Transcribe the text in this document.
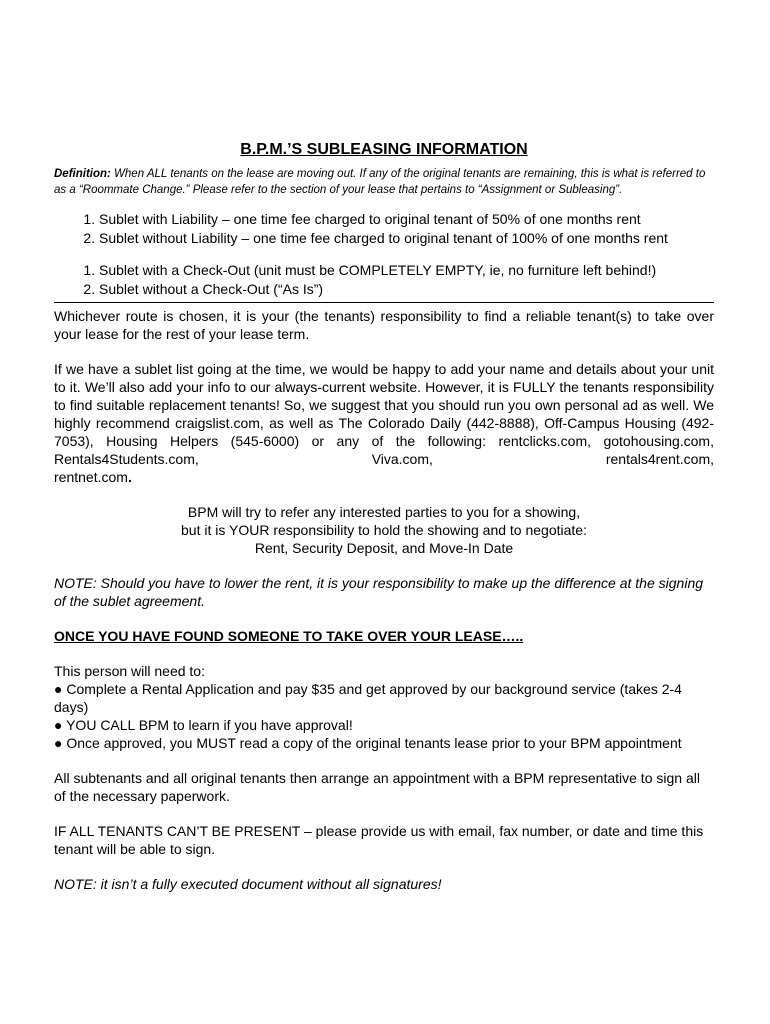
B.P.M.’S SUBLEASING INFORMATION

Definition: When ALL tenants on the lease are moving out. If any of the original tenants are remaining, this is what is referred to as a “Roommate Change.” Please refer to the section of your lease that pertains to “Assignment or Subleasing”.

1. Sublet with Liability – one time fee charged to original tenant of 50% of one months rent
2. Sublet without Liability – one time fee charged to original tenant of 100% of one months rent
1. Sublet with a Check-Out (unit must be COMPLETELY EMPTY, ie, no furniture left behind!)
2. Sublet without a Check-Out (“As Is”)

Whichever route is chosen, it is your (the tenants) responsibility to find a reliable tenant(s) to take over your lease for the rest of your lease term.

If we have a sublet list going at the time, we would be happy to add your name and details about your unit to it. We’ll also add your info to our always-current website. However, it is FULLY the tenants responsibility to find suitable replacement tenants! So, we suggest that you should run you own personal ad as well. We highly recommend craigslist.com, as well as The Colorado Daily (442-8888), Off-Campus Housing (492-7053), Housing Helpers (545-6000) or any of the following: rentclicks.com, gotohousing.com, Rentals4Students.com, Viva.com, rentals4rent.com,

rentnet.com.

BPM will try to refer any interested parties to you for a showing,

but it is YOUR responsibility to hold the showing and to negotiate:

Rent, Security Deposit, and Move-In Date

NOTE: Should you have to lower the rent, it is your responsibility to make up the difference at the signing of the sublet agreement.

ONCE YOU HAVE FOUND SOMEONE TO TAKE OVER YOUR LEASE…..

This person will need to:

● Complete a Rental Application and pay $35 and get approved by our background service (takes 2-4 days)

● YOU CALL BPM to learn if you have approval!

● Once approved, you MUST read a copy of the original tenants lease prior to your BPM appointment

All subtenants and all original tenants then arrange an appointment with a BPM representative to sign all of the necessary paperwork.

IF ALL TENANTS CAN’T BE PRESENT – please provide us with email, fax number, or date and time this tenant will be able to sign.

NOTE: it isn’t a fully executed document without all signatures!
